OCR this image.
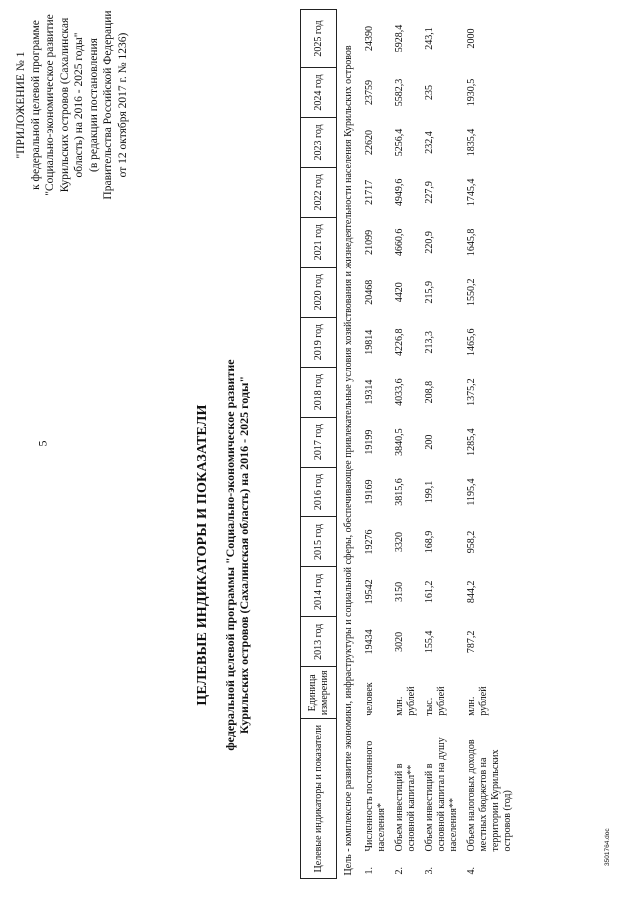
5
3501764.doc
"ПРИЛОЖЕНИЕ № 1 к федеральной целевой программе "Социально-экономическое развитие Курильских островов (Сахалинская область) на 2016 - 2025 годы" (в редакции постановления Правительства Российской Федерации от 12 октября 2017 г. № 1236)
ЦЕЛЕВЫЕ ИНДИКАТОРЫ И ПОКАЗАТЕЛИ федеральной целевой программы "Социально-экономическое развитие Курильских островов (Сахалинская область) на 2016 - 2025 годы"
Целевые индикаторы и показатели		Единица измерения	2013 год	2014 год	2015 год	2016 год	2017 год	2018 год	2019 год	2020 год	2021 год	2022 год	2023 год	2024 год	2025 год
Цель - комплексное развитие экономики, инфраструктуры и социальной сферы, обеспечивающее привлекательные условия хозяйствования и жизнедеятельности населения Курильских островов															
1.	Численность постоянного населения*	человек	19434	19542	19276	19169	19199	19314	19814	20468	21099	21717	22620	23759	24390
2.	Объем инвестиций в основной капитал**	млн. рублей	3020	3150	3320	3815,6	3840,5	4033,6	4226,8	4420	4660,6	4949,6	5256,4	5582,3	5928,4
3.	Объем инвестиций в основной капитал на душу населения**	тыс. рублей	155,4	161,2	168,9	199,1	200	208,8	213,3	215,9	220,9	227,9	232,4	235	243,1
4.	Объем налоговых доходов местных бюджетов на территории Курильских островов (год)	млн. рублей	787,2	844,2	958,2	1195,4	1285,4	1375,2	1465,6	1550,2	1645,8	1745,4	1835,4	1930,5	2000
